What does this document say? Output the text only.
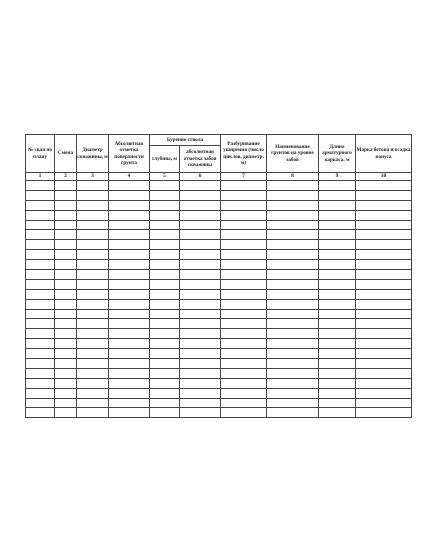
№ свая по плану	Смена	Диаметр скважины, м	Абсолютная отметка поверхности грунта	Бурение ствола		Разбуривание уширения (число циклов, диаметр, м)	Наименование грунтов на уровне забоя	Длина арматурного каркаса, м	Марка бетона и осадка конуса
				глубина, м	абсолютная отметка забоя скважины				
1	2	3	4	5	6	7	8	9	10
